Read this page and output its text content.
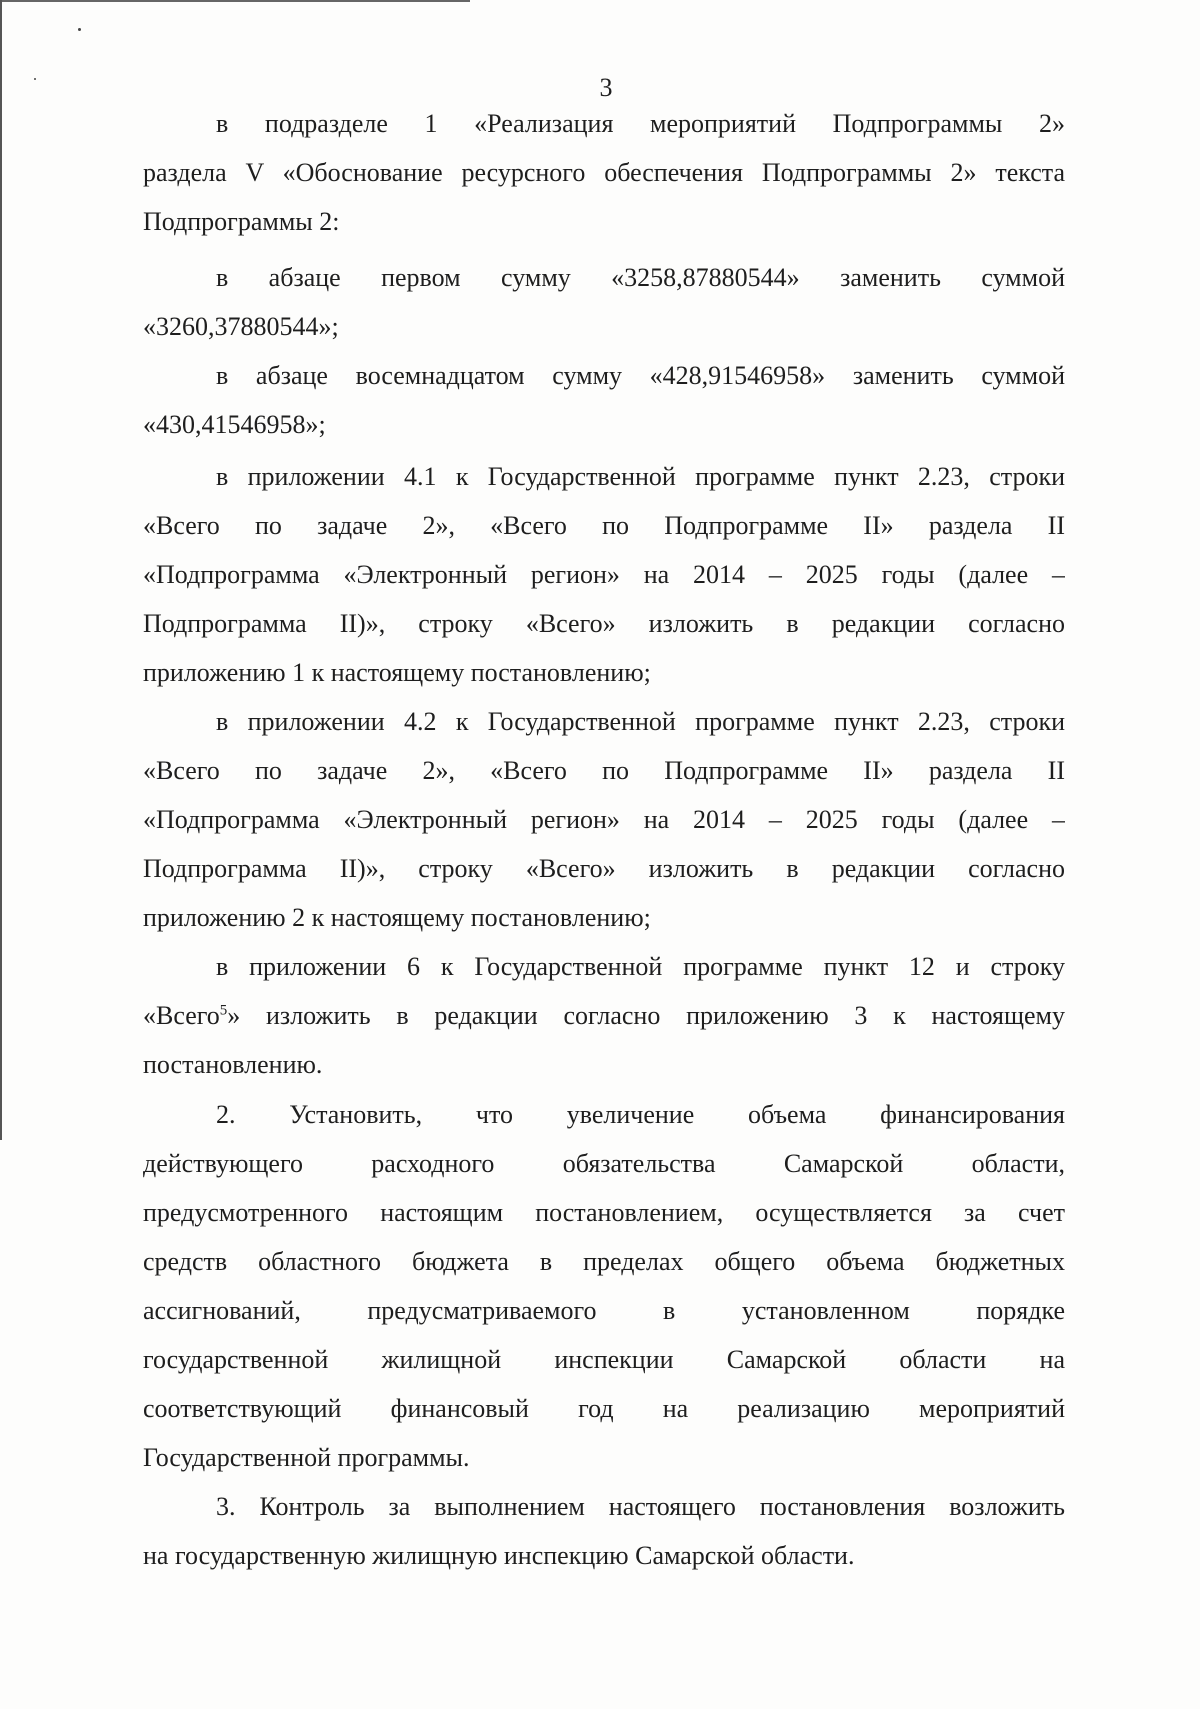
3
в подразделе 1 «Реализация мероприятий Подпрограммы 2»
раздела V «Обоснование ресурсного обеспечения Подпрограммы 2» текста
Подпрограммы 2:
в абзаце первом сумму «3258,87880544» заменить суммой
«3260,37880544»;
в абзаце восемнадцатом сумму «428,91546958» заменить суммой
«430,41546958»;
в приложении 4.1 к Государственной программе пункт 2.23, строки
«Всего по задаче 2», «Всего по Подпрограмме II» раздела II
«Подпрограмма «Электронный регион» на 2014 – 2025 годы (далее –
Подпрограмма II)», строку «Всего» изложить в редакции согласно
приложению 1 к настоящему постановлению;
в приложении 4.2 к Государственной программе пункт 2.23, строки
«Всего по задаче 2», «Всего по Подпрограмме II» раздела II
«Подпрограмма «Электронный регион» на 2014 – 2025 годы (далее –
Подпрограмма II)», строку «Всего» изложить в редакции согласно
приложению 2 к настоящему постановлению;
в приложении 6 к Государственной программе пункт 12 и строку
«Всего$^5$» изложить в редакции согласно приложению 3 к настоящему
постановлению.
2. Установить, что увеличение объема финансирования
действующего расходного обязательства Самарской области,
предусмотренного настоящим постановлением, осуществляется за счет
средств областного бюджета в пределах общего объема бюджетных
ассигнований, предусматриваемого в установленном порядке
государственной жилищной инспекции Самарской области на
соответствующий финансовый год на реализацию мероприятий
Государственной программы.
3. Контроль за выполнением настоящего постановления возложить
на государственную жилищную инспекцию Самарской области.
